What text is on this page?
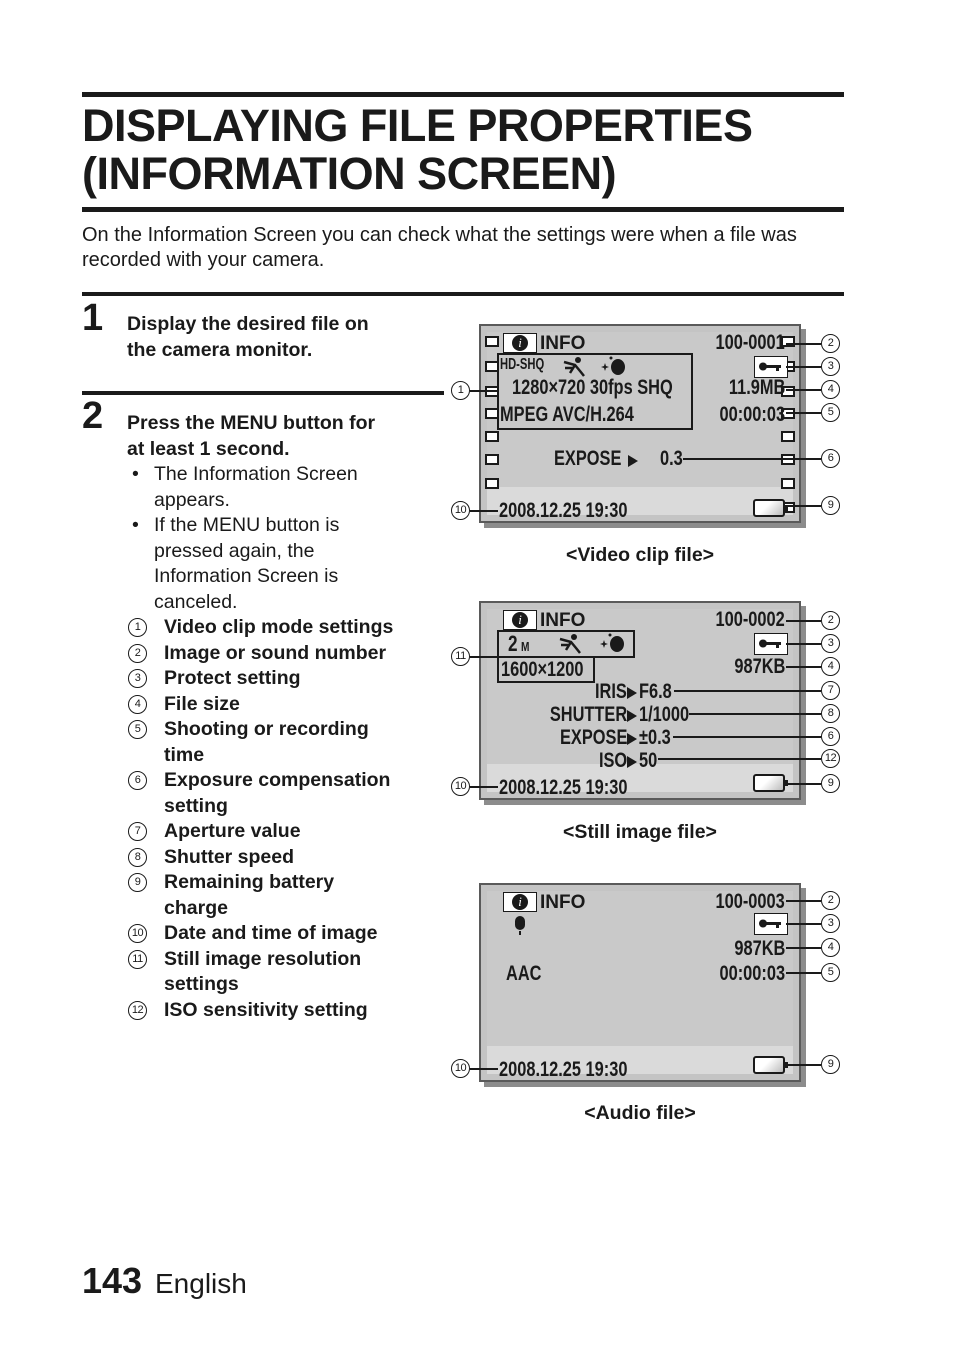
DISPLAYING FILE PROPERTIES
(INFORMATION SCREEN)
On the Information Screen you can check what the settings were when a file was recorded with your camera.
1 Display the desired file on
the camera monitor.
2 Press the MENU button for
at least 1 second.
• The Information Screen
appears.
• If the MENU button is
pressed again, the
Information Screen is
canceled.
1	Video clip mode settings
2	Image or sound number
3	Protect setting
4	File size
5	Shooting or recording
time
6	Exposure compensation
setting
7	Aperture value
8	Shutter speed
9	Remaining battery
charge
10 Date and time of image
11 Still image resolution
settings
12 ISO sensitivity setting
i INFO	100-0001
HD-SHQ
1280×720 30fps SHQ	11.9MB
MPEG AVC/H.264	00:00:03
EXPOSE 0.3
2008.12.25 19:30
1
2
3
4
5
6
9
10
<Video clip file>
i INFO	100-0002
2 M
1600×1200	987KB
IRIS F6.8
SHUTTER 1/1000
EXPOSE ±0.3
ISO 50
2008.12.25 19:30
2
3
4
7
8
6
12
9
10
11
<Still image file>
i INFO	100-0003
987KB
AAC	00:00:03
2008.12.25 19:30
2
3
4
5
9
10
<Audio file>
143 English
